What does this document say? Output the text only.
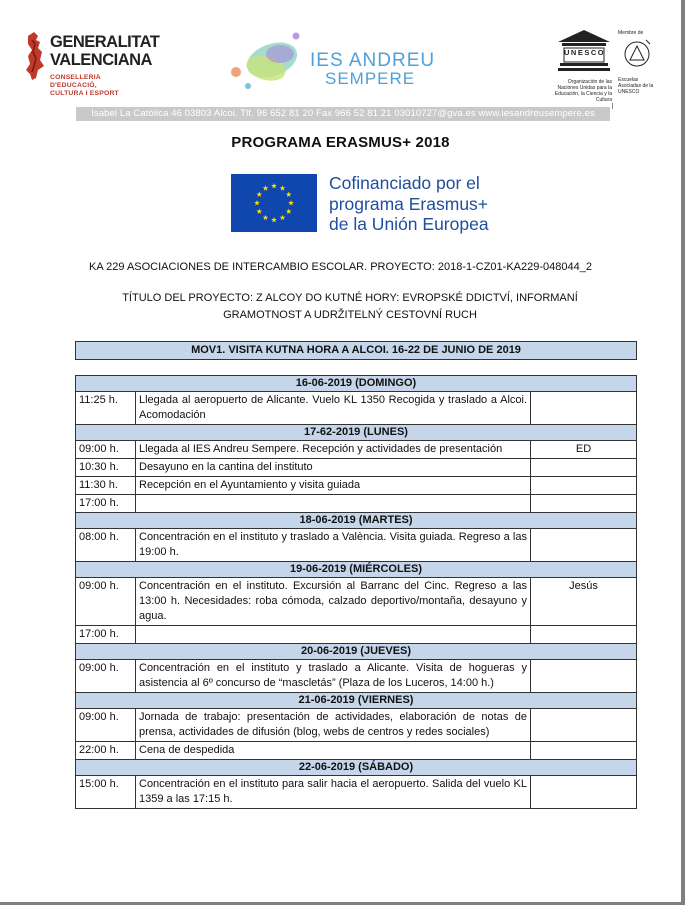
GENERALITAT
VALENCIANA
CONSELLERIA D'EDUCACIÓ,
CULTURA I ESPORT
IES ANDREU
SEMPERE
UNESCO
Membre de
Organización de las Naciones Unidas para la Educación, la Ciencia y la Cultura
Escuelas Asociadas de la UNESCO
Isabel La Católica 46 03803 Alcoi. Tlf. 96 652 81 20 Fax 966 52 81 21 03010727@gva.es www.iesandreusempere.es
PROGRAMA ERASMUS+ 2018
Cofinanciado por el
programa Erasmus+
de la Unión Europea
KA 229 ASOCIACIONES DE INTERCAMBIO ESCOLAR. PROYECTO: 2018-1-CZ01-KA229-048044_2
TÍTULO DEL PROYECTO: Z ALCOY DO KUTNÉ HORY: EVROPSKÉ DDICTVÍ, INFORMANÍ GRAMOTNOST A UDRŽITELNÝ CESTOVNÍ RUCH
MOV1. VISITA KUTNA HORA A ALCOI. 16-22 DE JUNIO DE 2019
16-06-2019 (DOMINGO)		
11:25 h.	Llegada al aeropuerto de Alicante. Vuelo KL 1350 Recogida y traslado a Alcoi. Acomodación	
17-62-2019 (LUNES)		
09:00 h.	Llegada al IES Andreu Sempere. Recepción y actividades de presentación	ED
10:30 h.	Desayuno en la cantina del instituto	
11:30 h.	Recepción en el Ayuntamiento y visita guiada	
17:00 h.		
18-06-2019 (MARTES)		
08:00 h.	Concentración en el instituto y traslado a València. Visita guiada. Regreso a las 19:00 h.	
19-06-2019 (MIÉRCOLES)		
09:00 h.	Concentración en el instituto. Excursión al Barranc del Cinc. Regreso a las 13:00 h. Necesidades: roba cómoda, calzado deportivo/montaña, desayuno y agua.	Jesús
17:00 h.		
20-06-2019 (JUEVES)		
09:00 h.	Concentración en el instituto y traslado a Alicante. Visita de hogueras y asistencia al 6º concurso de “mascletás” (Plaza de los Luceros, 14:00 h.)	
21-06-2019 (VIERNES)		
09:00 h.	Jornada de trabajo: presentación de actividades, elaboración de notas de prensa, actividades de difusión (blog, webs de centros y redes sociales)	
22:00 h.	Cena de despedida	
22-06-2019 (SÁBADO)		
15:00 h.	Concentración en el instituto para salir hacia el aeropuerto. Salida del vuelo KL 1359 a las 17:15 h.	
